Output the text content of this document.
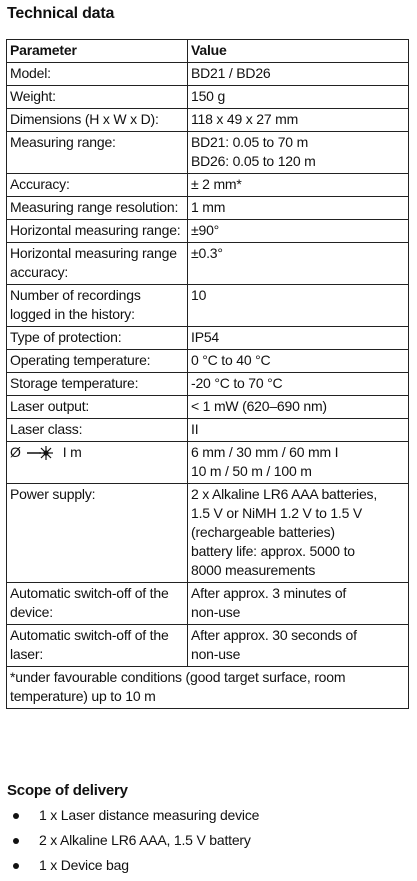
Technical data
Parameter	Value

Model:	BD21 / BD26

Weight:	150 g

Dimensions (H x W x D):	118 x 49 x 27 mm

Measuring range:	BD21: 0.05 to 70 m
BD26: 0.05 to 120 m

Accuracy:	± 2 mm*

Measuring range resolution:	1 mm

Horizontal measuring range:	±90°

Horizontal measuring range
accuracy:	±0.3°

Number of recordings
logged in the history:	10

Type of protection:	IP54

Operating temperature:	0 °C to 40 °C

Storage temperature:	-20 °C to 70 °C

Laser output:	< 1 mW (620–690 nm)

Laser class:	II

Ø I m	6 mm / 30 mm / 60 mm I
10 m / 50 m / 100 m

Power supply:	2 x Alkaline LR6 AAA batteries,
1.5 V or NiMH 1.2 V to 1.5 V
(rechargeable batteries)
battery life: approx. 5000 to
8000 measurements

Automatic switch-off of the
device:	After approx. 3 minutes of
non-use

Automatic switch-off of the
laser:	After approx. 30 seconds of
non-use

*under favourable conditions (good target surface, room
temperature) up to 10 m	
Scope of delivery
1 x Laser distance measuring device
2 x Alkaline LR6 AAA, 1.5 V battery
1 x Device bag
